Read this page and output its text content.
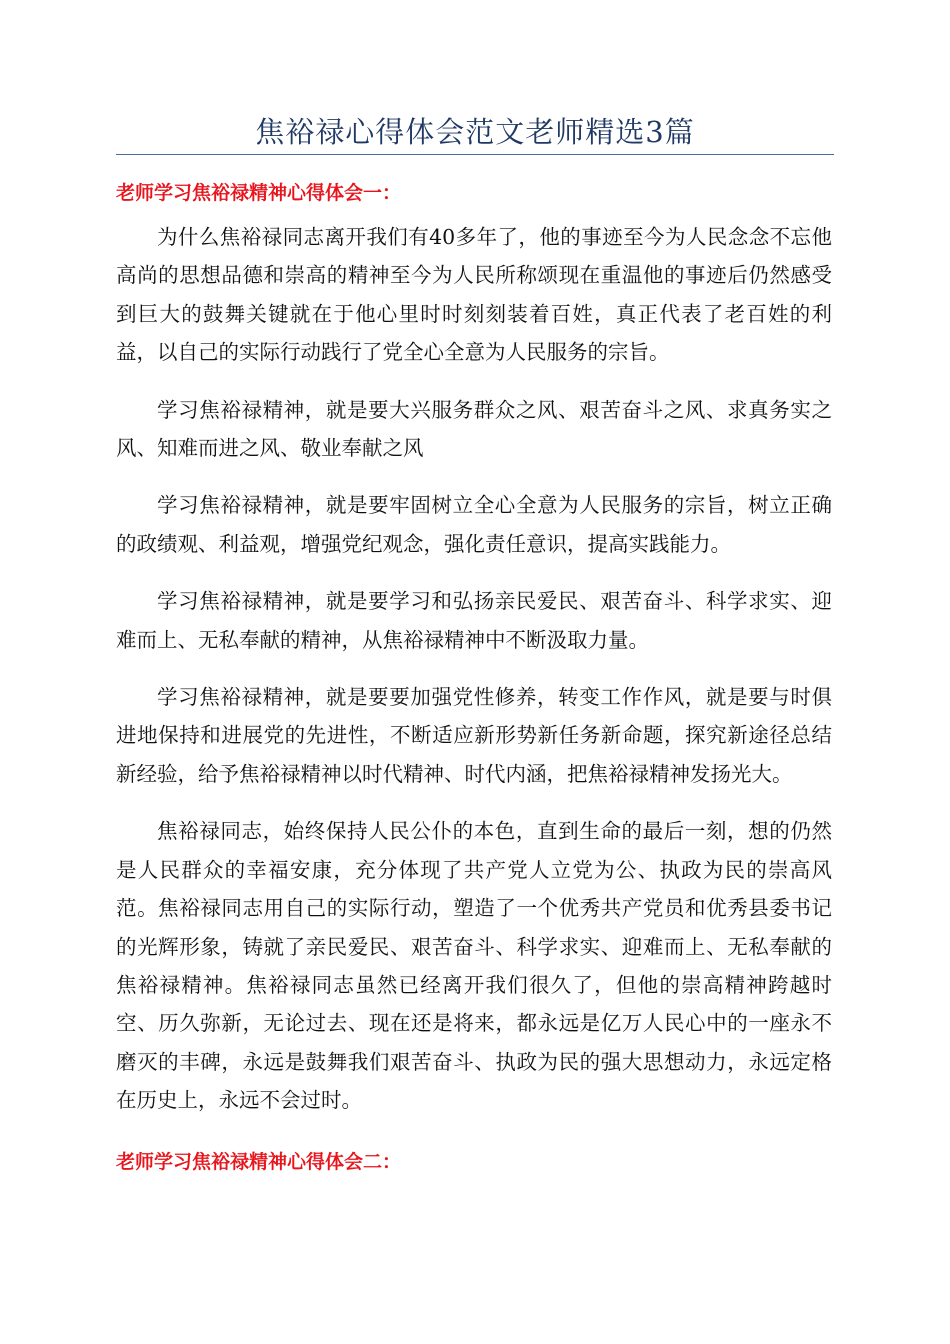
焦裕禄心得体会范文老师精选3篇
老师学习焦裕禄精神心得体会一：

为什么焦裕禄同志离开我们有40多年了，他的事迹至今为人民念念不忘他高尚的思想品德和崇高的精神至今为人民所称颂现在重温他的事迹后仍然感受到巨大的鼓舞关键就在于他心里时时刻刻装着百姓，真正代表了老百姓的利益，以自己的实际行动践行了党全心全意为人民服务的宗旨。

学习焦裕禄精神，就是要大兴服务群众之风、艰苦奋斗之风、求真务实之风、知难而进之风、敬业奉献之风

学习焦裕禄精神，就是要牢固树立全心全意为人民服务的宗旨，树立正确的政绩观、利益观，增强党纪观念，强化责任意识，提高实践能力。

学习焦裕禄精神，就是要学习和弘扬亲民爱民、艰苦奋斗、科学求实、迎难而上、无私奉献的精神，从焦裕禄精神中不断汲取力量。

学习焦裕禄精神，就是要要加强党性修养，转变工作作风，就是要与时俱进地保持和进展党的先进性，不断适应新形势新任务新命题，探究新途径总结新经验，给予焦裕禄精神以时代精神、时代内涵，把焦裕禄精神发扬光大。

焦裕禄同志，始终保持人民公仆的本色，直到生命的最后一刻，想的仍然是人民群众的幸福安康，充分体现了共产党人立党为公、执政为民的崇高风范。焦裕禄同志用自己的实际行动，塑造了一个优秀共产党员和优秀县委书记的光辉形象，铸就了亲民爱民、艰苦奋斗、科学求实、迎难而上、无私奉献的焦裕禄精神。焦裕禄同志虽然已经离开我们很久了，但他的崇高精神跨越时空、历久弥新，无论过去、现在还是将来，都永远是亿万人民心中的一座永不磨灭的丰碑，永远是鼓舞我们艰苦奋斗、执政为民的强大思想动力，永远定格在历史上，永远不会过时。

老师学习焦裕禄精神心得体会二：
